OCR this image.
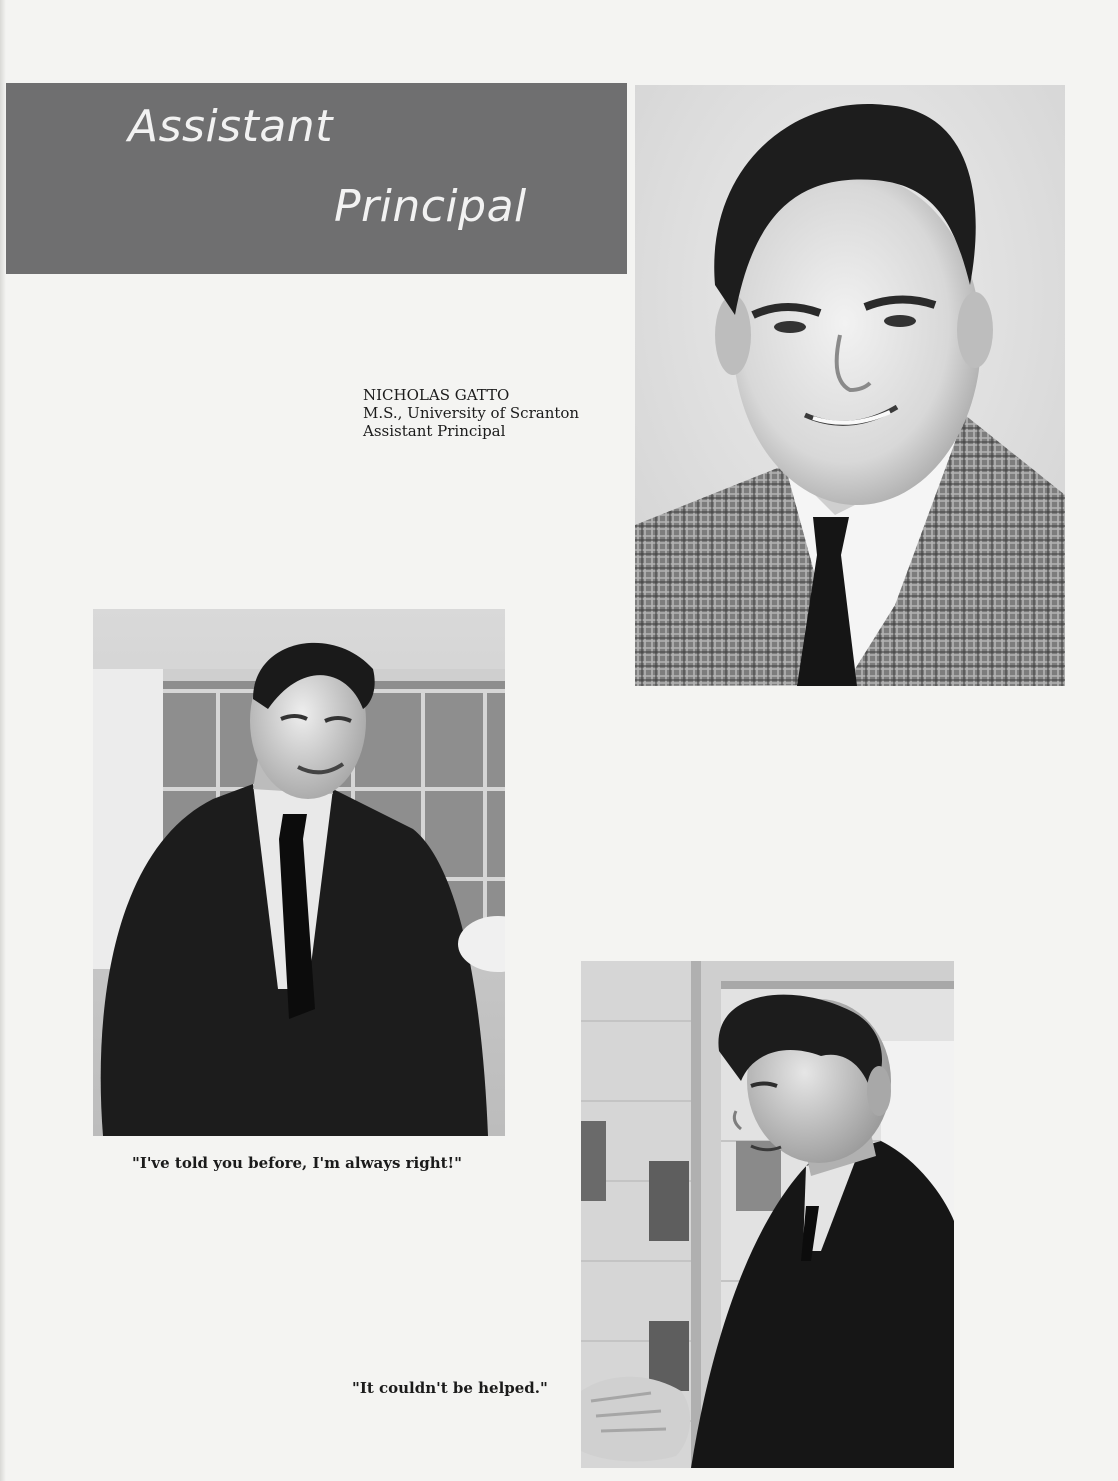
Assistant
Principal
NICHOLAS GATTO
M.S., University of Scranton
Assistant Principal
"I've told you before, I'm always right!"
"It couldn't be helped."
